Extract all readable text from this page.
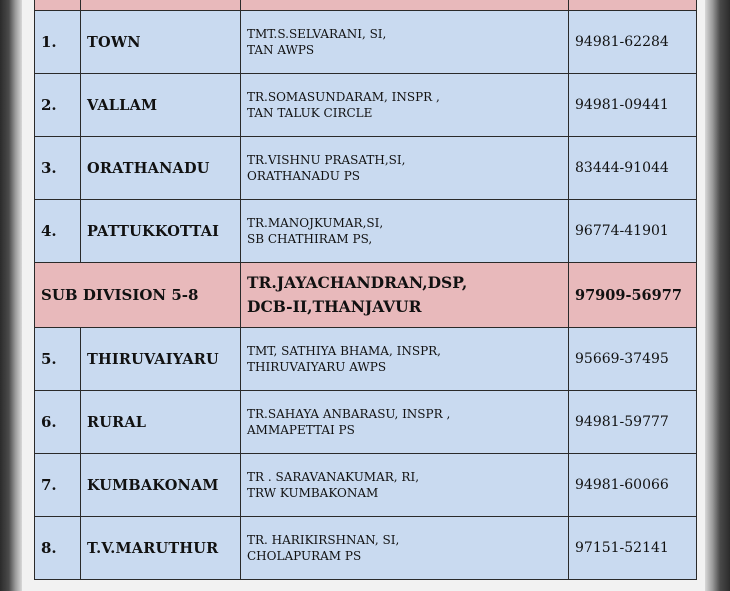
1.	TOWN	TMT.S.SELVARANI, SI,
TAN AWPS	94981-62284
2.	VALLAM	TR.SOMASUNDARAM, INSPR ,
TAN TALUK CIRCLE	94981-09441
3.	ORATHANADU	TR.VISHNU PRASATH,SI,
ORATHANADU PS	83444-91044
4.	PATTUKKOTTAI	TR.MANOJKUMAR,SI,
SB CHATHIRAM PS,	96774-41901
SUB DIVISION 5-8		TR.JAYACHANDRAN,DSP,
DCB-II,THANJAVUR	97909-56977
5.	THIRUVAIYARU	TMT, SATHIYA BHAMA, INSPR,
THIRUVAIYARU AWPS	95669-37495
6.	RURAL	TR.SAHAYA ANBARASU, INSPR ,
AMMAPETTAI PS	94981-59777
7.	KUMBAKONAM	TR . SARAVANAKUMAR, RI,
TRW KUMBAKONAM	94981-60066
8.	T.V.MARUTHUR	TR. HARIKIRSHNAN, SI,
CHOLAPURAM PS	97151-52141
